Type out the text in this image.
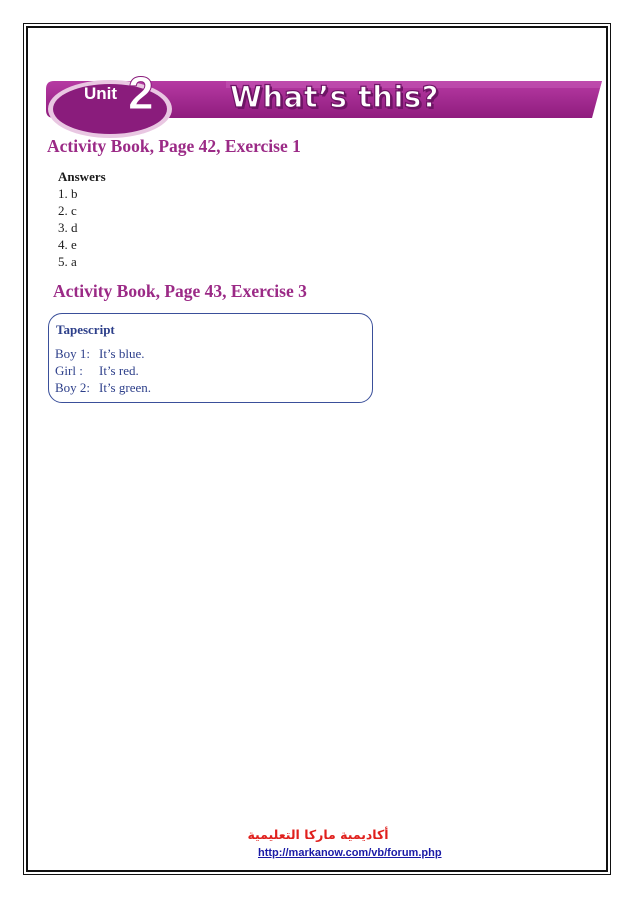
Unit 2	What’s this?
Activity Book, Page 42, Exercise 1
Answers
1. b
2. c
3. d
4. e
5. a
Activity Book, Page 43, Exercise 3
Tapescript
Boy 1: It’s blue.
Girl : It’s red.
Boy 2: It’s green.
أكاديمية ماركا التعليمية
http://markanow.com/vb/forum.php
